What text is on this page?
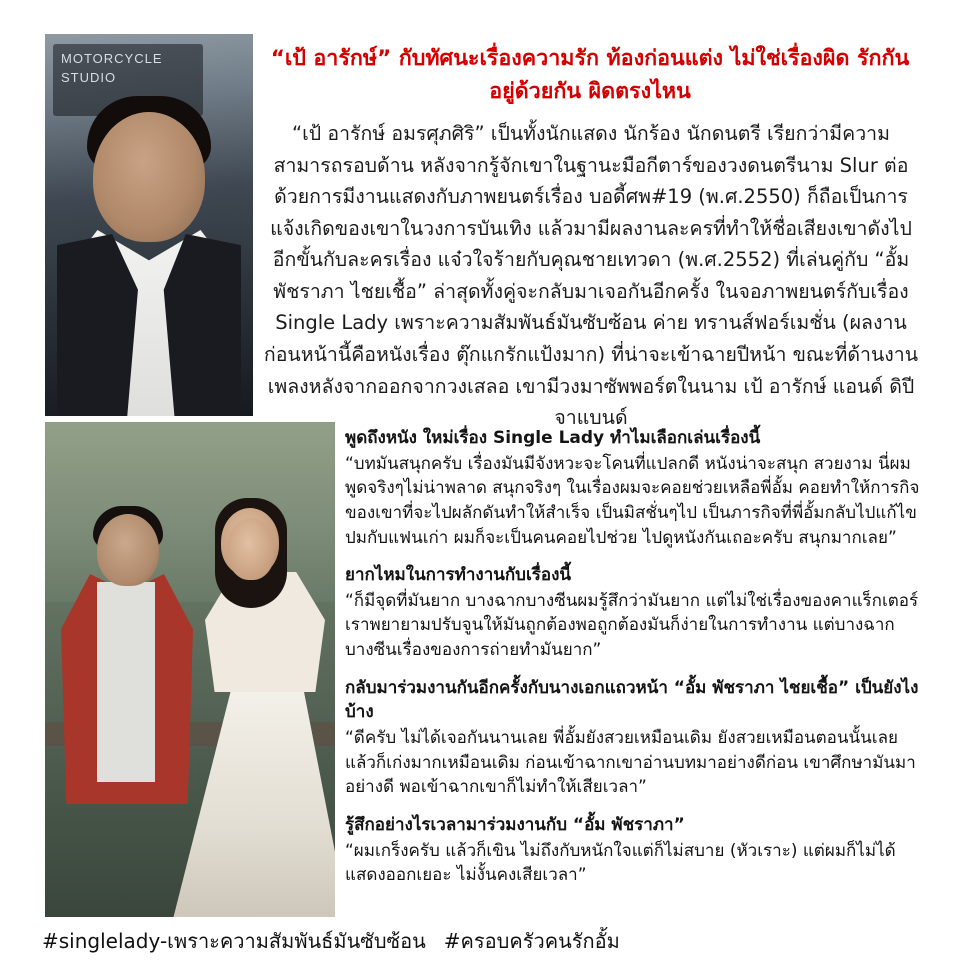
MOTORCYCLE STUDIO
“เป้ อารักษ์” กับทัศนะเรื่องความรัก ท้องก่อนแต่ง ไม่ใช่เรื่องผิด รักกันอยู่ด้วยกัน ผิดตรงไหน
“เป้ อารักษ์ อมรศุภศิริ” เป็นทั้งนักแสดง นักร้อง นักดนตรี เรียกว่ามีความสามารถรอบด้าน หลังจากรู้จักเขาในฐานะมือกีตาร์ของวงดนตรีนาม Slur ต่อด้วยการมีงานแสดงกับภาพยนตร์เรื่อง บอดี้ศพ#19 (พ.ศ.2550) ก็ถือเป็นการแจ้งเกิดของเขาในวงการบันเทิง แล้วมามีผลงานละครที่ทำให้ชื่อเสียงเขาดังไปอีกขั้นกับละครเรื่อง แจ๋วใจร้ายกับคุณชายเทวดา (พ.ศ.2552) ที่เล่นคู่กับ “อั้ม พัชราภา ไชยเชื้อ” ล่าสุดทั้งคู่จะกลับมาเจอกันอีกครั้ง ในจอภาพยนตร์กับเรื่อง Single Lady เพราะความสัมพันธ์มันซับซ้อน ค่าย ทรานส์ฟอร์เมชั่น (ผลงานก่อนหน้านี้คือหนังเรื่อง ตุ๊กแกรักแป้งมาก) ที่น่าจะเข้าฉายปีหน้า ขณะที่ด้านงานเพลงหลังจากออกจากวงเสลอ เขามีวงมาซัพพอร์ตในนาม เป้ อารักษ์ แอนด์ ดิปีจาแบนด์

พูดถึงหนัง ใหม่เรื่อง Single Lady ทำไมเลือกเล่นเรื่องนี้

“บทมันสนุกครับ เรื่องมันมีจังหวะจะโคนที่แปลกดี หนังน่าจะสนุก สวยงาม นี่ผมพูดจริงๆไม่น่าพลาด สนุกจริงๆ ในเรื่องผมจะคอยช่วยเหลือพี่อั้ม คอยทำให้การกิจของเขาที่จะไปผลักดันทำให้สำเร็จ เป็นมิสชั่นๆไป เป็นภารกิจที่พี่อั้มกลับไปแก้ไขปมกับแฟนเก่า ผมก็จะเป็นคนคอยไปช่วย ไปดูหนังกันเถอะครับ สนุกมากเลย”

ยากไหมในการทำงานกับเรื่องนี้

“ก็มีจุดที่มันยาก บางฉากบางซีนผมรู้สึกว่ามันยาก แต่ไม่ใช่เรื่องของคาแร็กเตอร์ เราพยายามปรับจูนให้มันถูกต้องพอถูกต้องมันก็ง่ายในการทำงาน แต่บางฉากบางซีนเรื่องของการถ่ายทำมันยาก”

กลับมาร่วมงานกันอีกครั้งกับนางเอกแถวหน้า “อั้ม พัชราภา ไชยเชื้อ” เป็นยังไงบ้าง

“ดีครับ ไม่ได้เจอกันนานเลย พี่อั้มยังสวยเหมือนเดิม ยังสวยเหมือนตอนนั้นเลย แล้วก็เก่งมากเหมือนเดิม ก่อนเข้าฉากเขาอ่านบทมาอย่างดีก่อน เขาศึกษามันมาอย่างดี พอเข้าฉากเขาก็ไม่ทำให้เสียเวลา”

รู้สึกอย่างไรเวลามาร่วมงานกับ “อั้ม พัชราภา”

“ผมเกร็งครับ แล้วก็เขิน ไม่ถึงกับหนักใจแต่ก็ไม่สบาย (หัวเราะ) แต่ผมก็ไม่ได้แสดงออกเยอะ ไม่งั้นคงเสียเวลา”

#singlelady-เพราะความสัมพันธ์มันซับซ้อน #ครอบครัวคนรักอั้ม
